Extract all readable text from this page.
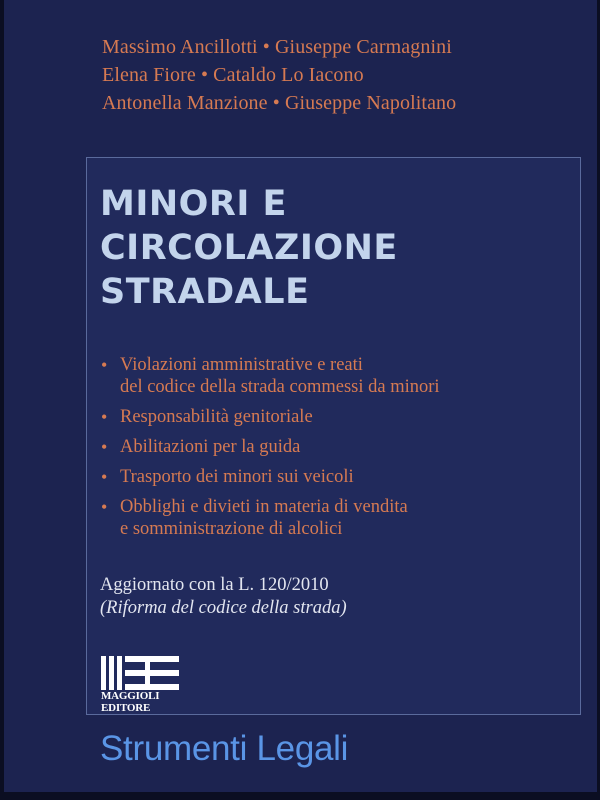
Massimo Ancillotti • Giuseppe Carmagnini
Elena Fiore • Cataldo Lo Iacono
Antonella Manzione • Giuseppe Napolitano
MINORI E
CIRCOLAZIONE
STRADALE
• Violazioni amministrative e reati
del codice della strada commessi da minori
• Responsabilità genitoriale
• Abilitazioni per la guida
• Trasporto dei minori sui veicoli
• Obblighi e divieti in materia di vendita
e somministrazione di alcolici
Aggiornato con la L. 120/2010
(Riforma del codice della strada)
MAGGIOLI
EDITORE
Strumenti Legali
